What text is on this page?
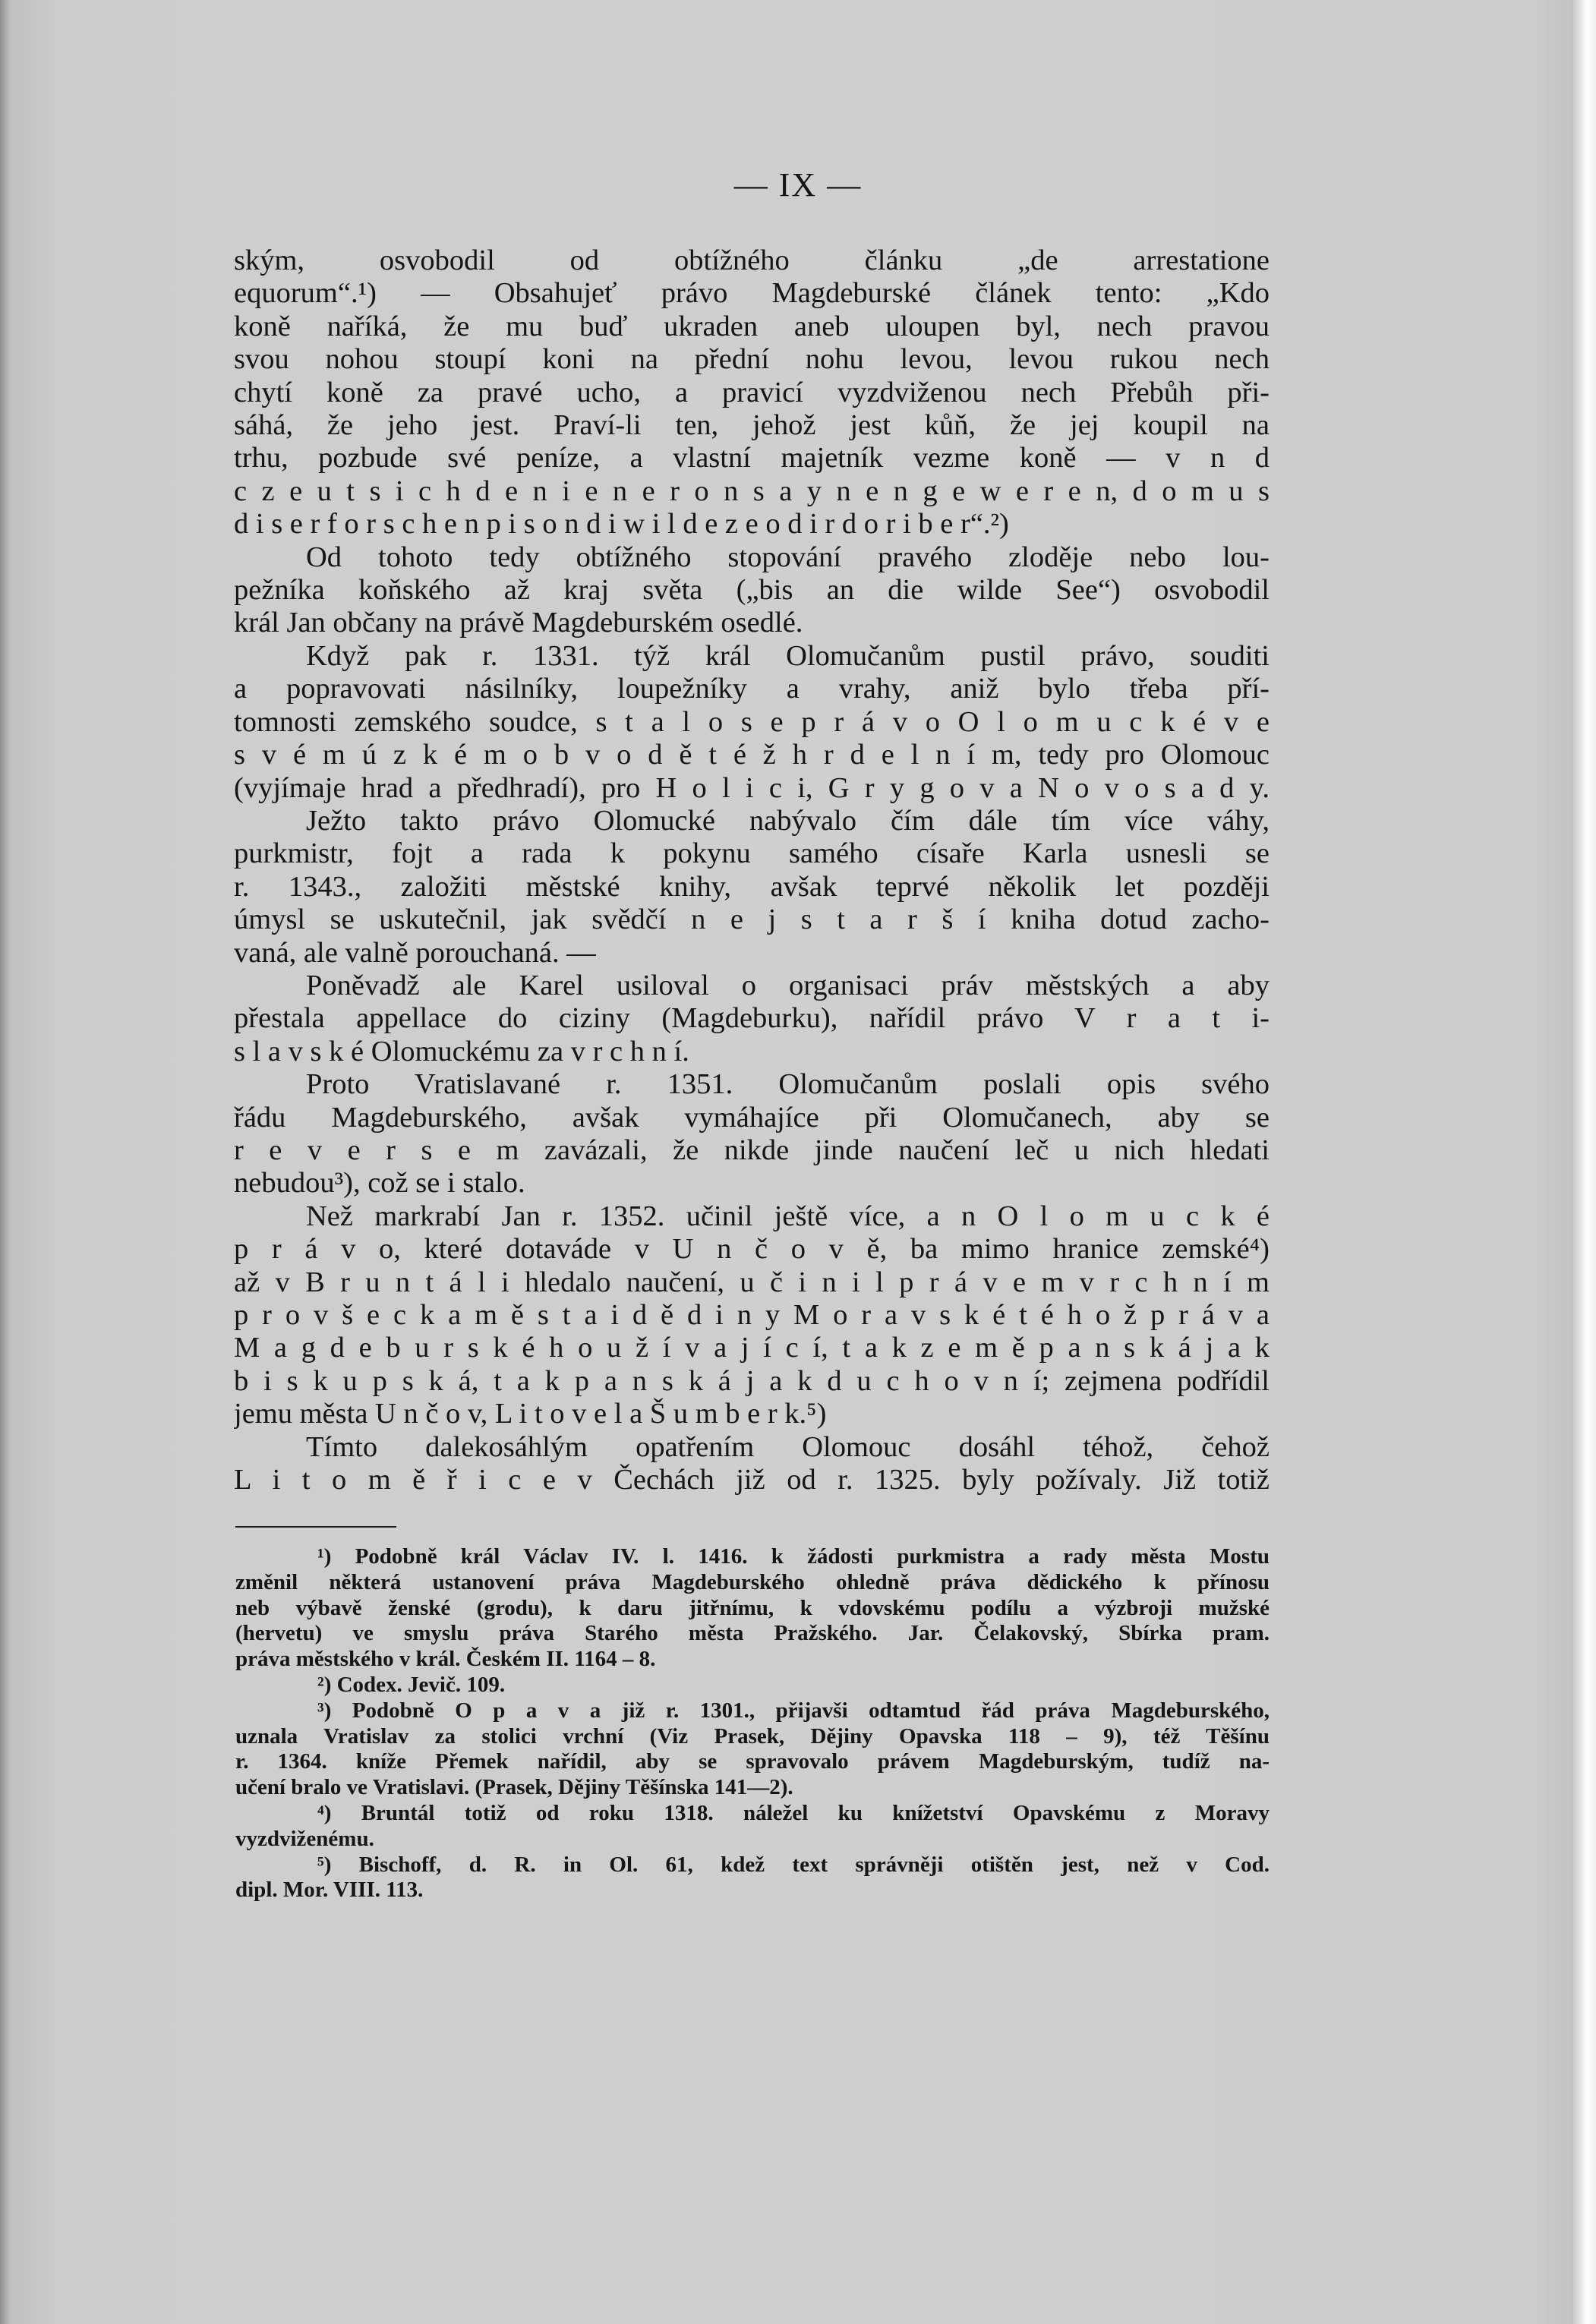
— IX —
ským, osvobodil od obtížného článku „de arrestatione
equorum“.¹) — Obsahujeť právo Magdeburské článek tento: „Kdo
koně naříká, že mu buď ukraden aneb uloupen byl, nech pravou
svou nohou stoupí koni na přední nohu levou, levou rukou nech
chytí koně za pravé ucho, a pravicí vyzdviženou nech Přebůh při-
sáhá, že jeho jest. Praví-li ten, jehož jest kůň, že jej koupil na
trhu, pozbude své peníze, a vlastní majetník vezme koně — v n d
c z e u t s i c h d e n i e n e r o n s a y n e n g e w e r e n, d o m u s
d i s e r f o r s c h e n p i s o n d i w i l d e z e o d i r d o r i b e r“.²)
Od tohoto tedy obtížného stopování pravého zloděje nebo lou-
pežníka koňského až kraj světa („bis an die wilde See“) osvobodil
král Jan občany na právě Magdeburském osedlé.
Když pak r. 1331. týž král Olomučanům pustil právo, souditi
a popravovati násilníky, loupežníky a vrahy, aniž bylo třeba pří-
tomnosti zemského soudce, s t a l o s e p r á v o O l o m u c k é v e
s v é m ú z k é m o b v o d ě t é ž h r d e l n í m, tedy pro Olomouc
(vyjímaje hrad a předhradí), pro H o l i c i, G r y g o v a N o v o s a d y.
Ježto takto právo Olomucké nabývalo čím dále tím více váhy,
purkmistr, fojt a rada k pokynu samého císaře Karla usnesli se
r. 1343., založiti městské knihy, avšak teprvé několik let později
úmysl se uskutečnil, jak svědčí n e j s t a r š í kniha dotud zacho-
vaná, ale valně porouchaná. —
Poněvadž ale Karel usiloval o organisaci práv městských a aby
přestala appellace do ciziny (Magdeburku), nařídil právo V r a t i-
s l a v s k é Olomuckému za v r c h n í.
Proto Vratislavané r. 1351. Olomučanům poslali opis svého
řádu Magdeburského, avšak vymáhajíce při Olomučanech, aby se
r e v e r s e m zavázali, že nikde jinde naučení leč u nich hledati
nebudou³), což se i stalo.
Než markrabí Jan r. 1352. učinil ještě více, a n O l o m u c k é
p r á v o, které dotaváde v U n č o v ě, ba mimo hranice zemské⁴)
až v B r u n t á l i hledalo naučení, u č i n i l p r á v e m v r c h n í m
p r o v š e c k a m ě s t a i d ě d i n y M o r a v s k é t é h o ž p r á v a
M a g d e b u r s k é h o u ž í v a j í c í, t a k z e m ě p a n s k á j a k
b i s k u p s k á, t a k p a n s k á j a k d u c h o v n í; zejmena podřídil
jemu města U n č o v, L i t o v e l a Š u m b e r k.⁵)
Tímto dalekosáhlým opatřením Olomouc dosáhl téhož, čehož
L i t o m ě ř i c e v Čechách již od r. 1325. byly požívaly. Již totiž
¹) Podobně král Václav IV. l. 1416. k žádosti purkmistra a rady města Mostu
změnil některá ustanovení práva Magdeburského ohledně práva dědického k přínosu
neb výbavě ženské (grodu), k daru jitřnímu, k vdovskému podílu a výzbroji mužské
(hervetu) ve smyslu práva Starého města Pražského. Jar. Čelakovský, Sbírka pram.
práva městského v král. Českém II. 1164 – 8.
²) Codex. Jevič. 109.
³) Podobně O p a v a již r. 1301., přijavši odtamtud řád práva Magdeburského,
uznala Vratislav za stolici vrchní (Viz Prasek, Dějiny Opavska 118 – 9), též Těšínu
r. 1364. kníže Přemek nařídil, aby se spravovalo právem Magdeburským, tudíž na-
učení bralo ve Vratislavi. (Prasek, Dějiny Těšínska 141—2).
⁴) Bruntál totiž od roku 1318. náležel ku knížetství Opavskému z Moravy
vyzdviženému.
⁵) Bischoff, d. R. in Ol. 61, kdež text správněji otištěn jest, než v Cod.
dipl. Mor. VIII. 113.
